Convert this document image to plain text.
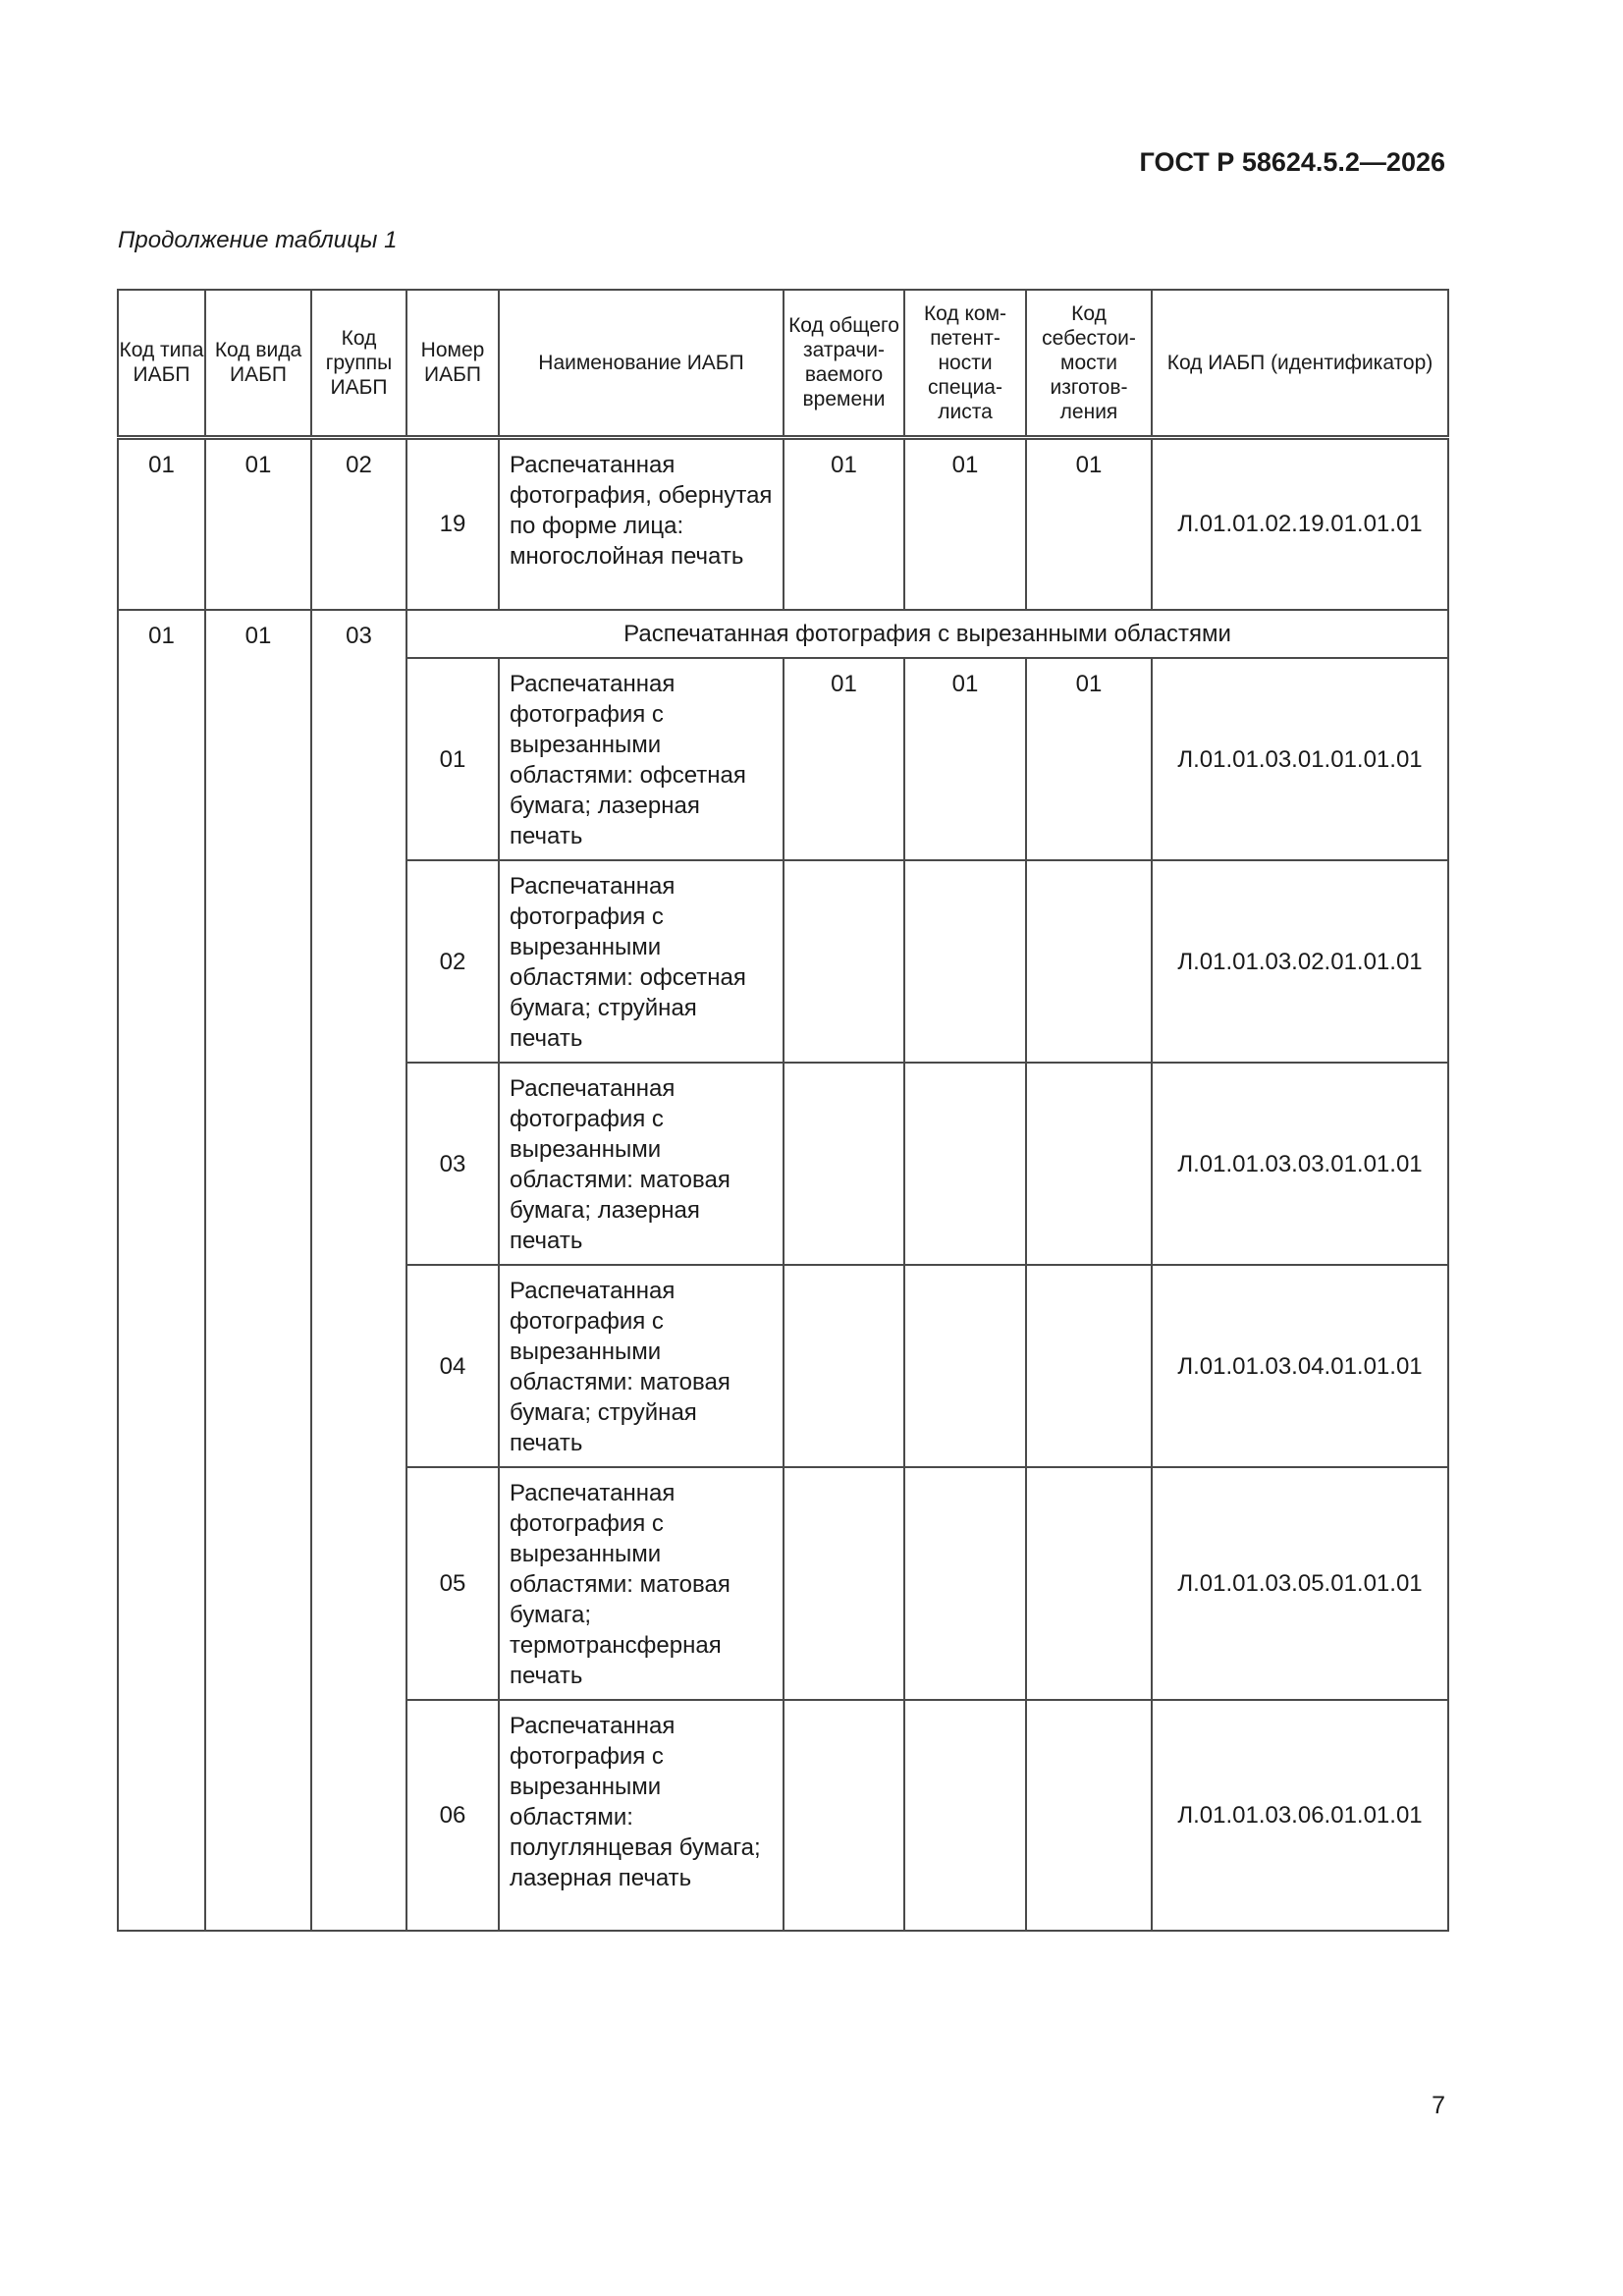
ГОСТ Р 58624.5.2—2026
Продолжение таблицы 1
Код типа ИАБП	Код вида ИАБП	Код группы ИАБП	Номер ИАБП	Наименование ИАБП	Код общего затрачи-ваемого времени	Код ком-петент-ности специа-листа	Код себестои-мости изготов-ления	Код ИАБП (идентификатор)
01	01	02	19	Распечатанная фотография, обернутая по форме лица: многослойная печать	01	01	01	Л.01.01.02.19.01.01.01
01	01	03	Распечатанная фотография с вырезанными областями					
			01	Распечатанная фотография с вырезанными областями: офсетная бумага; лазерная печать	01	01	01	Л.01.01.03.01.01.01.01
			02	Распечатанная фотография с вырезанными областями: офсетная бумага; струйная печать				Л.01.01.03.02.01.01.01
			03	Распечатанная фотография с вырезанными областями: матовая бумага; лазерная печать				Л.01.01.03.03.01.01.01
			04	Распечатанная фотография с вырезанными областями: матовая бумага; струйная печать				Л.01.01.03.04.01.01.01
			05	Распечатанная фотография с вырезанными областями: матовая бумага; термотрансферная печать				Л.01.01.03.05.01.01.01
			06	Распечатанная фотография с вырезанными областями: полуглянцевая бумага; лазерная печать				Л.01.01.03.06.01.01.01
7
